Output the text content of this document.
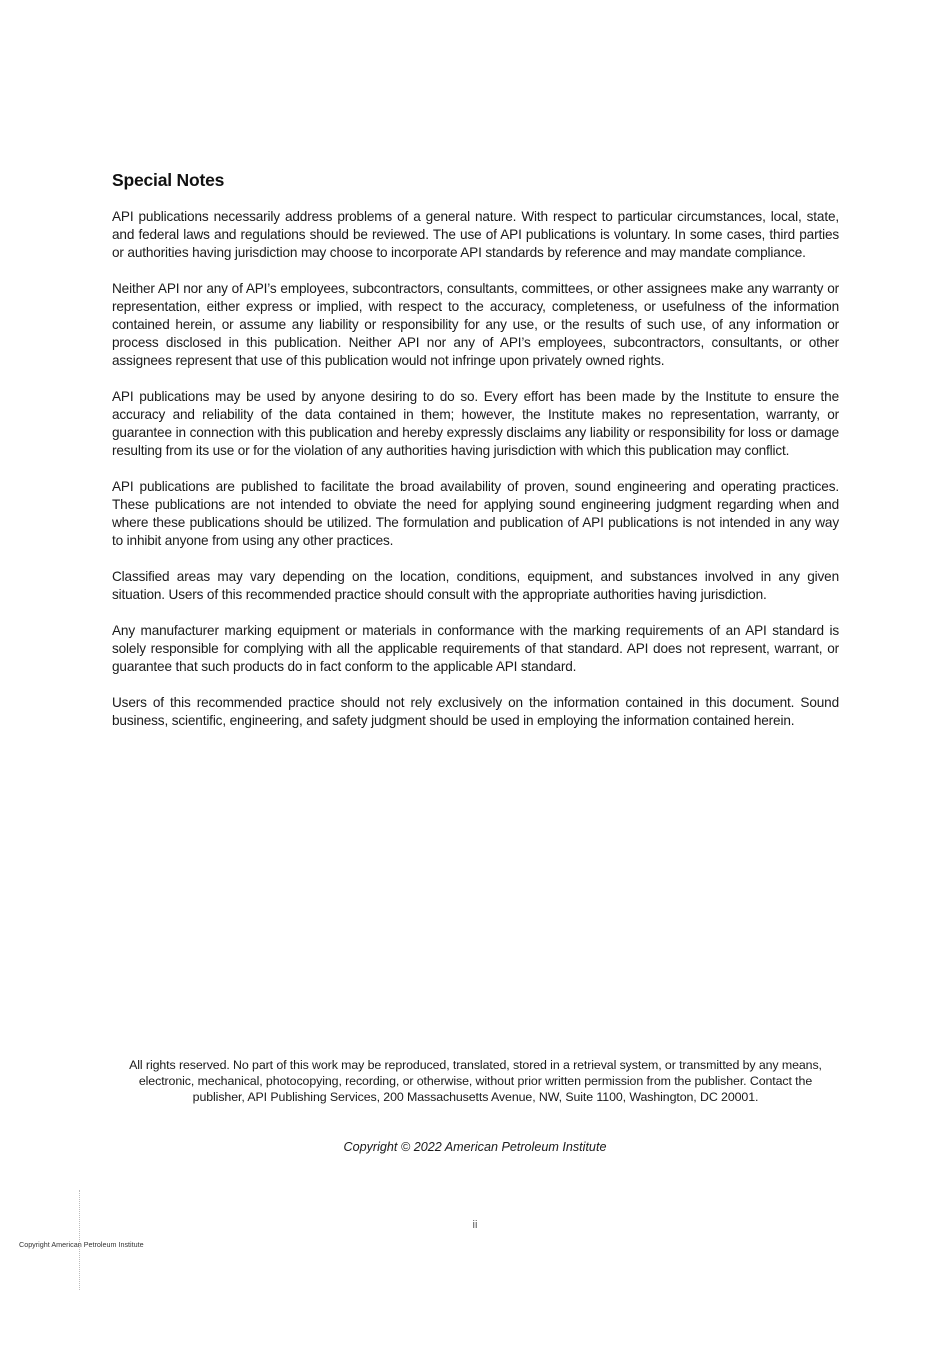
Special Notes

API publications necessarily address problems of a general nature. With respect to particular circumstances, local, state, and federal laws and regulations should be reviewed. The use of API publications is voluntary. In some cases, third parties or authorities having jurisdiction may choose to incorporate API standards by reference and may mandate compliance.

Neither API nor any of API’s employees, subcontractors, consultants, committees, or other assignees make any warranty or representation, either express or implied, with respect to the accuracy, completeness, or usefulness of the information contained herein, or assume any liability or responsibility for any use, or the results of such use, of any information or process disclosed in this publication. Neither API nor any of API’s employees, subcontractors, consultants, or other assignees represent that use of this publication would not infringe upon privately owned rights.

API publications may be used by anyone desiring to do so. Every effort has been made by the Institute to ensure the accuracy and reliability of the data contained in them; however, the Institute makes no representation, warranty, or guarantee in connection with this publication and hereby expressly disclaims any liability or responsibility for loss or damage resulting from its use or for the violation of any authorities having jurisdiction with which this publication may conflict.

API publications are published to facilitate the broad availability of proven, sound engineering and operating practices. These publications are not intended to obviate the need for applying sound engineering judgment regarding when and where these publications should be utilized. The formulation and publication of API publications is not intended in any way to inhibit anyone from using any other practices.

Classified areas may vary depending on the location, conditions, equipment, and substances involved in any given situation. Users of this recommended practice should consult with the appropriate authorities having jurisdiction.

Any manufacturer marking equipment or materials in conformance with the marking requirements of an API standard is solely responsible for complying with all the applicable requirements of that standard. API does not represent, warrant, or guarantee that such products do in fact conform to the applicable API standard.

Users of this recommended practice should not rely exclusively on the information contained in this document. Sound business, scientific, engineering, and safety judgment should be used in employing the information contained herein.

All rights reserved. No part of this work may be reproduced, translated, stored in a retrieval system, or transmitted by any means, electronic, mechanical, photocopying, recording, or otherwise, without prior written permission from the publisher. Contact the publisher, API Publishing Services, 200 Massachusetts Avenue, NW, Suite 1100, Washington, DC 20001.

Copyright © 2022 American Petroleum Institute

ii

Copyright American Petroleum Institute
